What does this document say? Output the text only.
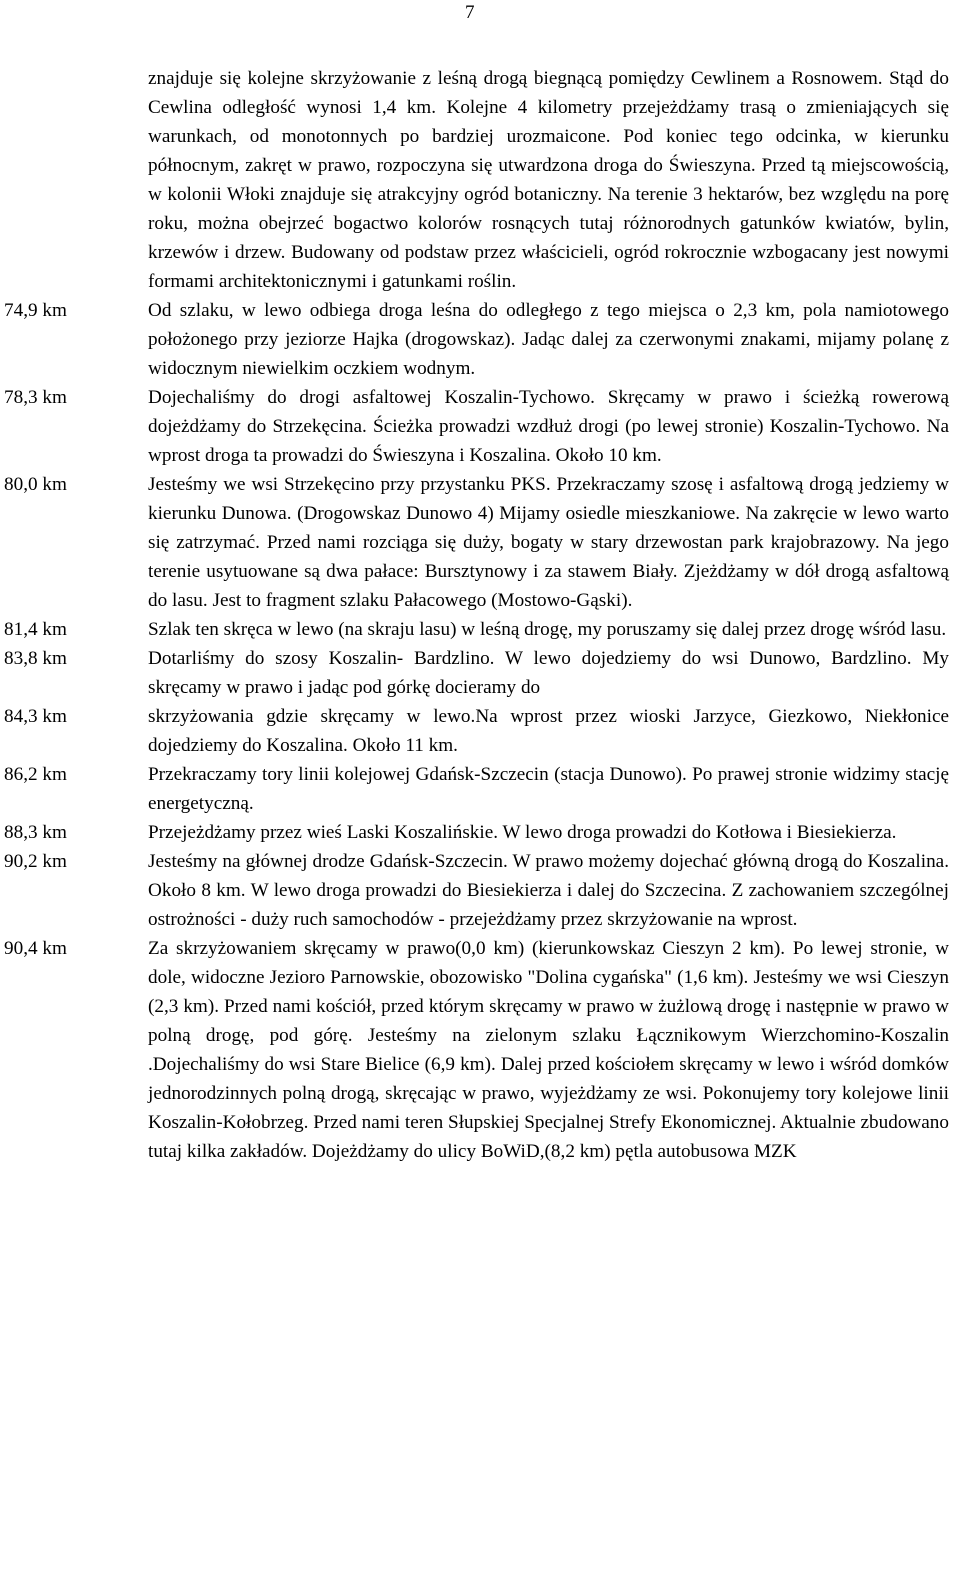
7
znajduje się kolejne skrzyżowanie z leśną drogą biegnącą pomiędzy Cewlinem a Rosnowem. Stąd do Cewlina odległość wynosi 1,4 km. Kolejne 4 kilometry przejeżdżamy trasą o zmieniających się warunkach, od monotonnych po bardziej urozmaicone. Pod koniec tego odcinka, w kierunku północnym, zakręt w prawo, rozpoczyna się utwardzona droga do Świeszyna. Przed tą miejscowością, w kolonii Włoki znajduje się atrakcyjny ogród botaniczny. Na terenie 3 hektarów, bez względu na porę roku, można obejrzeć bogactwo kolorów rosnących tutaj różnorodnych gatunków kwiatów, bylin, krzewów i drzew. Budowany od podstaw przez właścicieli, ogród rokrocznie wzbogacany jest nowymi formami architektonicznymi i gatunkami roślin.
74,9 km	Od szlaku, w lewo odbiega droga leśna do odległego z tego miejsca o 2,3 km, pola namiotowego położonego przy jeziorze Hajka (drogowskaz). Jadąc dalej za czerwonymi znakami, mijamy polanę z widocznym niewielkim oczkiem wodnym.
78,3 km	Dojechaliśmy do drogi asfaltowej Koszalin-Tychowo. Skręcamy w prawo i ścieżką rowerową dojeżdżamy do Strzekęcina. Ścieżka prowadzi wzdłuż drogi (po lewej stronie) Koszalin-Tychowo. Na wprost droga ta prowadzi do Świeszyna i Koszalina. Około 10 km.
80,0 km	Jesteśmy we wsi Strzekęcino przy przystanku PKS. Przekraczamy szosę i asfaltową drogą jedziemy w kierunku Dunowa. (Drogowskaz Dunowo 4) Mijamy osiedle mieszkaniowe. Na zakręcie w lewo warto się zatrzymać. Przed nami rozciąga się duży, bogaty w stary drzewostan park krajobrazowy. Na jego terenie usytuowane są dwa pałace: Bursztynowy i za stawem Biały. Zjeżdżamy w dół drogą asfaltową do lasu. Jest to fragment szlaku Pałacowego (Mostowo-Gąski).
81,4 km	Szlak ten skręca w lewo (na skraju lasu) w leśną drogę, my poruszamy się dalej przez drogę wśród lasu.
83,8 km	Dotarliśmy do szosy Koszalin- Bardzlino. W lewo dojedziemy do wsi Dunowo, Bardzlino. My skręcamy w prawo i jadąc pod górkę docieramy do
84,3 km	skrzyżowania gdzie skręcamy w lewo.Na wprost przez wioski Jarzyce, Giezkowo, Niekłonice dojedziemy do Koszalina. Około 11 km.
86,2 km	Przekraczamy tory linii kolejowej Gdańsk-Szczecin (stacja Dunowo). Po prawej stronie widzimy stację energetyczną.
88,3 km	Przejeżdżamy przez wieś Laski Koszalińskie. W lewo droga prowadzi do Kotłowa i Biesiekierza.
90,2 km	Jesteśmy na głównej drodze Gdańsk-Szczecin. W prawo możemy dojechać główną drogą do Koszalina. Około 8 km. W lewo droga prowadzi do Biesiekierza i dalej do Szczecina. Z zachowaniem szczególnej ostrożności - duży ruch samochodów - przejeżdżamy przez skrzyżowanie na wprost.
90,4 km	Za skrzyżowaniem skręcamy w prawo(0,0 km) (kierunkowskaz Cieszyn 2 km). Po lewej stronie, w dole, widoczne Jezioro Parnowskie, obozowisko "Dolina cygańska" (1,6 km). Jesteśmy we wsi Cieszyn (2,3 km). Przed nami kościół, przed którym skręcamy w prawo w żużlową drogę i następnie w prawo w polną drogę, pod górę. Jesteśmy na zielonym szlaku Łącznikowym Wierzchomino-Koszalin .Dojechaliśmy do wsi Stare Bielice (6,9 km). Dalej przed kościołem skręcamy w lewo i wśród domków jednorodzinnych polną drogą, skręcając w prawo, wyjeżdżamy ze wsi. Pokonujemy tory kolejowe linii Koszalin-Kołobrzeg. Przed nami teren Słupskiej Specjalnej Strefy Ekonomicznej. Aktualnie zbudowano tutaj kilka zakładów. Dojeżdżamy do ulicy BoWiD,(8,2 km) pętla autobusowa MZK
